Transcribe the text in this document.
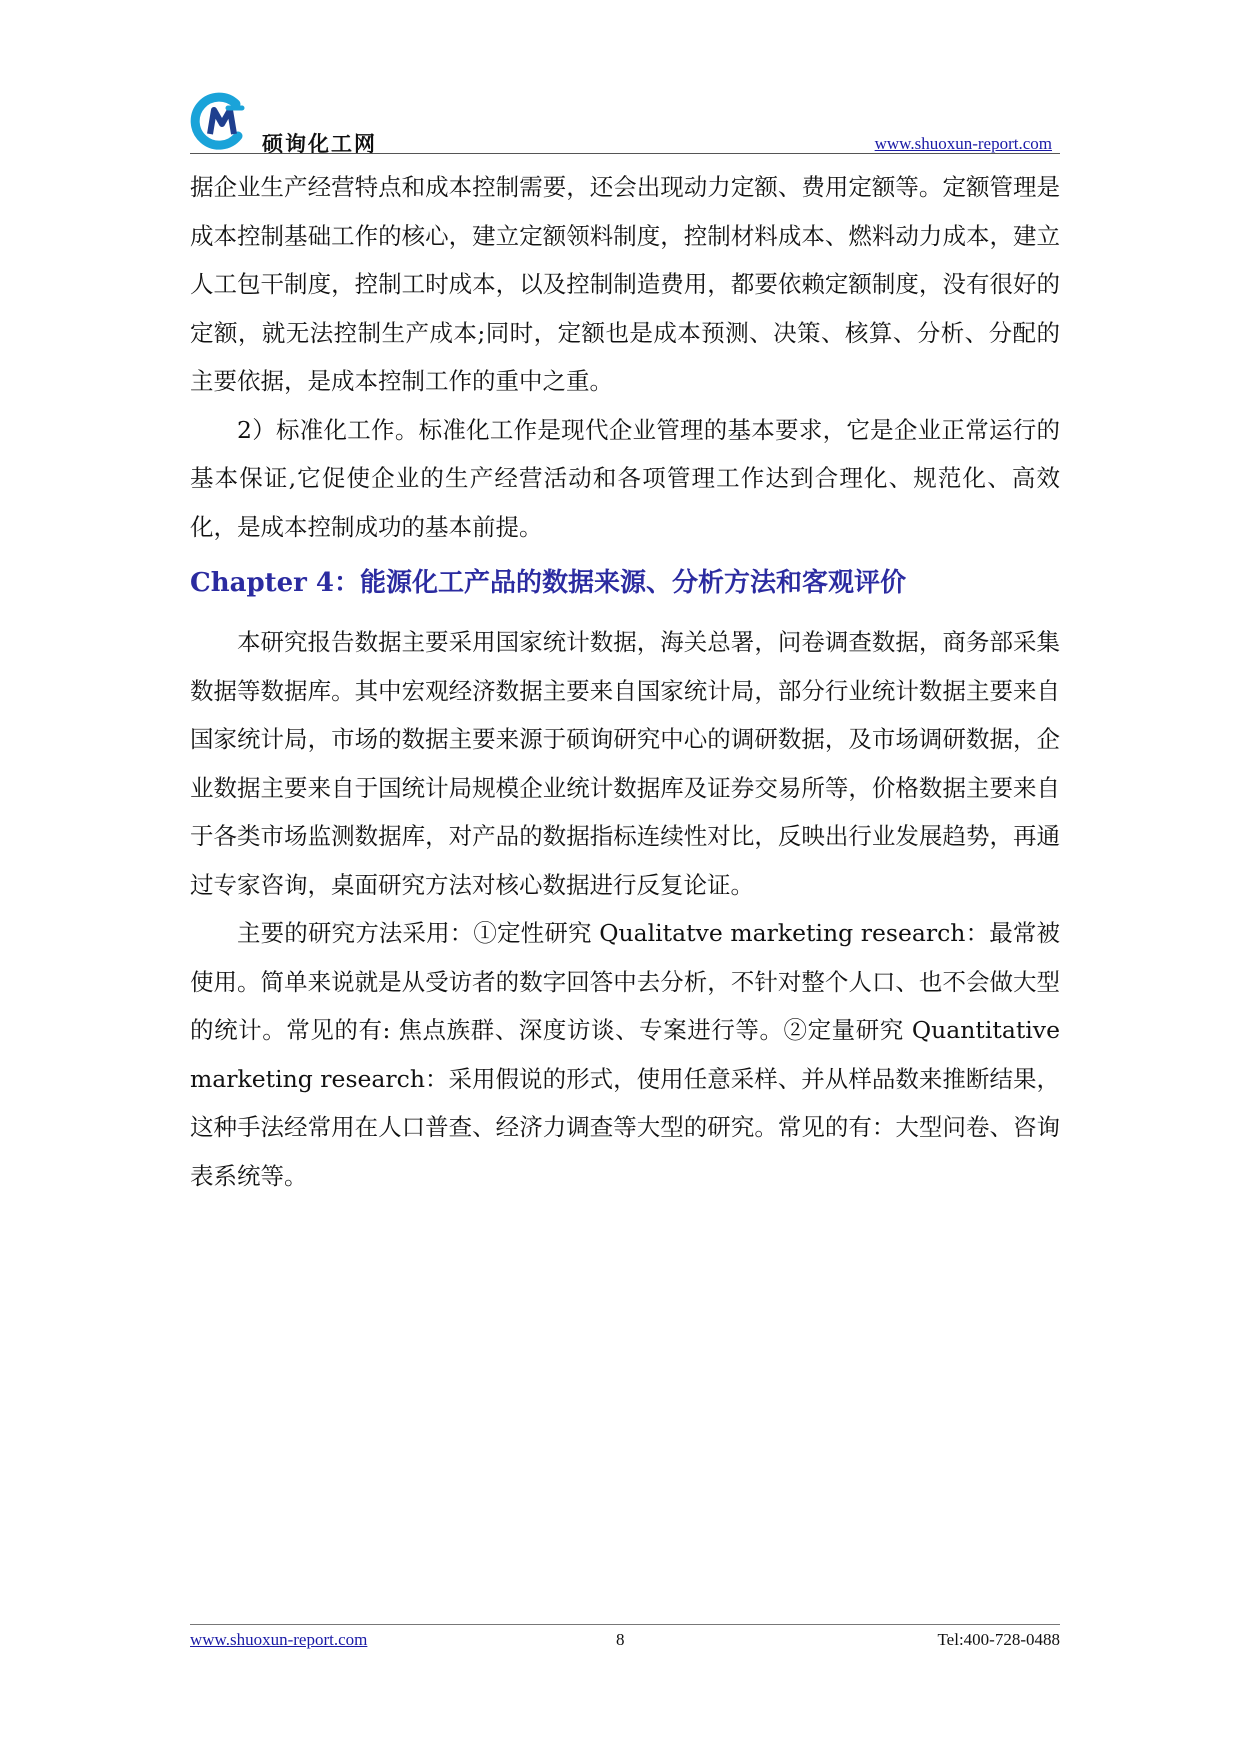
硕询化工网	www.shuoxun-report.com

据企业生产经营特点和成本控制需要，还会出现动力定额、费用定额等。定额管理是成本控制基础工作的核心，建立定额领料制度，控制材料成本、燃料动力成本，建立人工包干制度，控制工时成本，以及控制制造费用，都要依赖定额制度，没有很好的定额，就无法控制生产成本;同时，定额也是成本预测、决策、核算、分析、分配的主要依据，是成本控制工作的重中之重。

2）标准化工作。标准化工作是现代企业管理的基本要求，它是企业正常运行的基本保证,它促使企业的生产经营活动和各项管理工作达到合理化、规范化、高效化，是成本控制成功的基本前提。

Chapter 4：能源化工产品的数据来源、分析方法和客观评价

本研究报告数据主要采用国家统计数据，海关总署，问卷调查数据，商务部采集数据等数据库。其中宏观经济数据主要来自国家统计局，部分行业统计数据主要来自国家统计局，市场的数据主要来源于硕询研究中心的调研数据，及市场调研数据，企业数据主要来自于国统计局规模企业统计数据库及证券交易所等，价格数据主要来自于各类市场监测数据库，对产品的数据指标连续性对比，反映出行业发展趋势，再通过专家咨询，桌面研究方法对核心数据进行反复论证。

主要的研究方法采用：①定性研究 Qualitatve marketing research：最常被使用。简单来说就是从受访者的数字回答中去分析，不针对整个人口、也不会做大型的统计。常见的有: 焦点族群、深度访谈、专案进行等。②定量研究 Quantitative marketing research：采用假说的形式，使用任意采样、并从样品数来推断结果，这种手法经常用在人口普查、经济力调查等大型的研究。常见的有：大型问卷、咨询表系统等。

www.shuoxun-report.com	8	Tel:400-728-0488
